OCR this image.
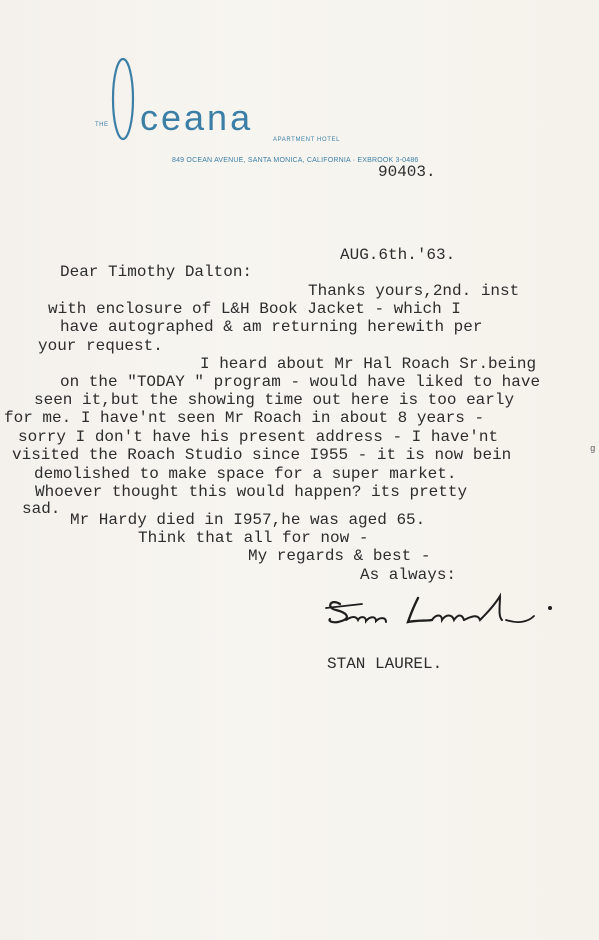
THE ceana
APARTMENT HOTEL
849 OCEAN AVENUE, SANTA MONICA, CALIFORNIA · EXBROOK 3-0486
90403.
AUG.6th.'63.
Dear Timothy Dalton:
Thanks yours,2nd. inst
with enclosure of L&H Book Jacket - which I
have autographed & am returning herewith per
your request.
I heard about Mr Hal Roach Sr.being
on the "TODAY " program - would have liked to have
seen it,but the showing time out here is too early
for me. I have'nt seen Mr Roach in about 8 years -
sorry I don't have his present address - I have'nt
visited the Roach Studio since I955 - it is now bein
demolished to make space for a super market.
Whoever thought this would happen? its pretty
sad.
Mr Hardy died in I957,he was aged 65.
Think that all for now -
My regards & best -
As always:
g
STAN LAUREL.
